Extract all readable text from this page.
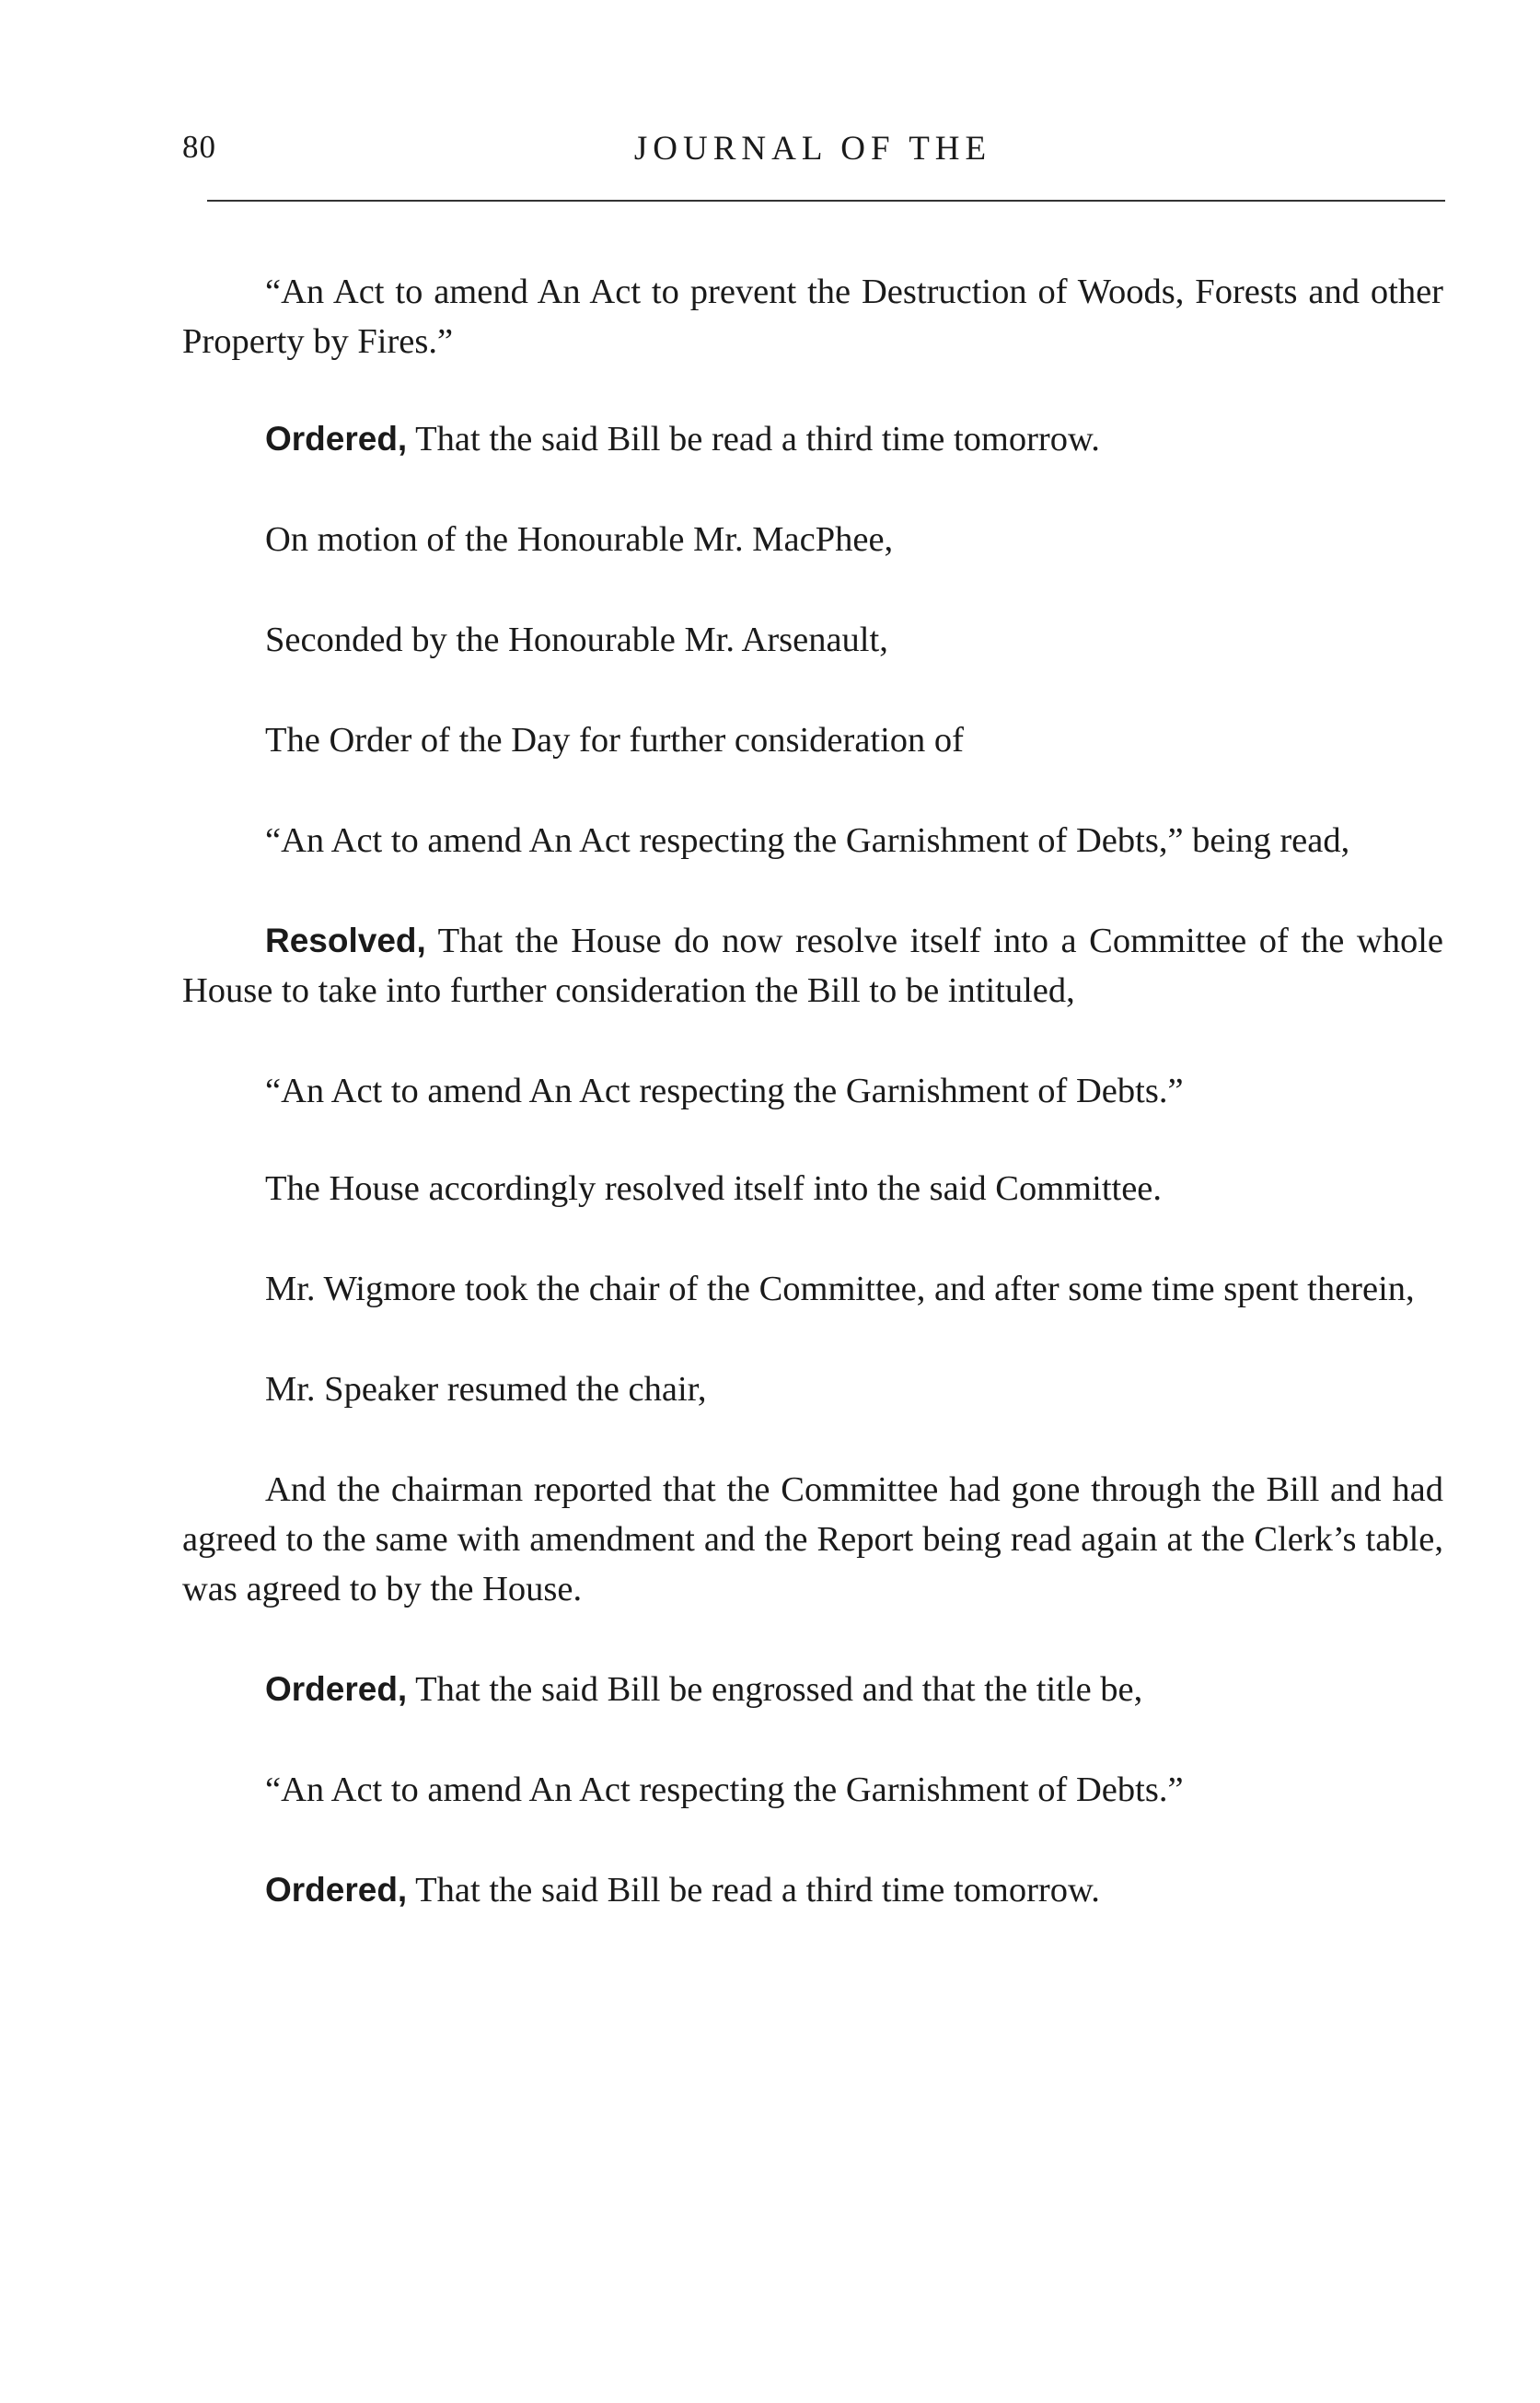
80	JOURNAL OF THE

“An Act to amend An Act to prevent the Destruction of Woods, Forests and other Property by Fires.”

Ordered, That the said Bill be read a third time tomorrow.

On motion of the Honourable Mr. MacPhee,

Seconded by the Honourable Mr. Arsenault,

The Order of the Day for further consideration of

“An Act to amend An Act respecting the Garnishment of Debts,” being read,

Resolved, That the House do now resolve itself into a Committee of the whole House to take into further consideration the Bill to be intituled,

“An Act to amend An Act respecting the Garnishment of Debts.”

The House accordingly resolved itself into the said Committee.

Mr. Wigmore took the chair of the Committee, and after some time spent therein,

Mr. Speaker resumed the chair,

And the chairman reported that the Committee had gone through the Bill and had agreed to the same with amendment and the Report being read again at the Clerk’s table, was agreed to by the House.

Ordered, That the said Bill be engrossed and that the title be,

“An Act to amend An Act respecting the Garnishment of Debts.”

Ordered, That the said Bill be read a third time tomorrow.
